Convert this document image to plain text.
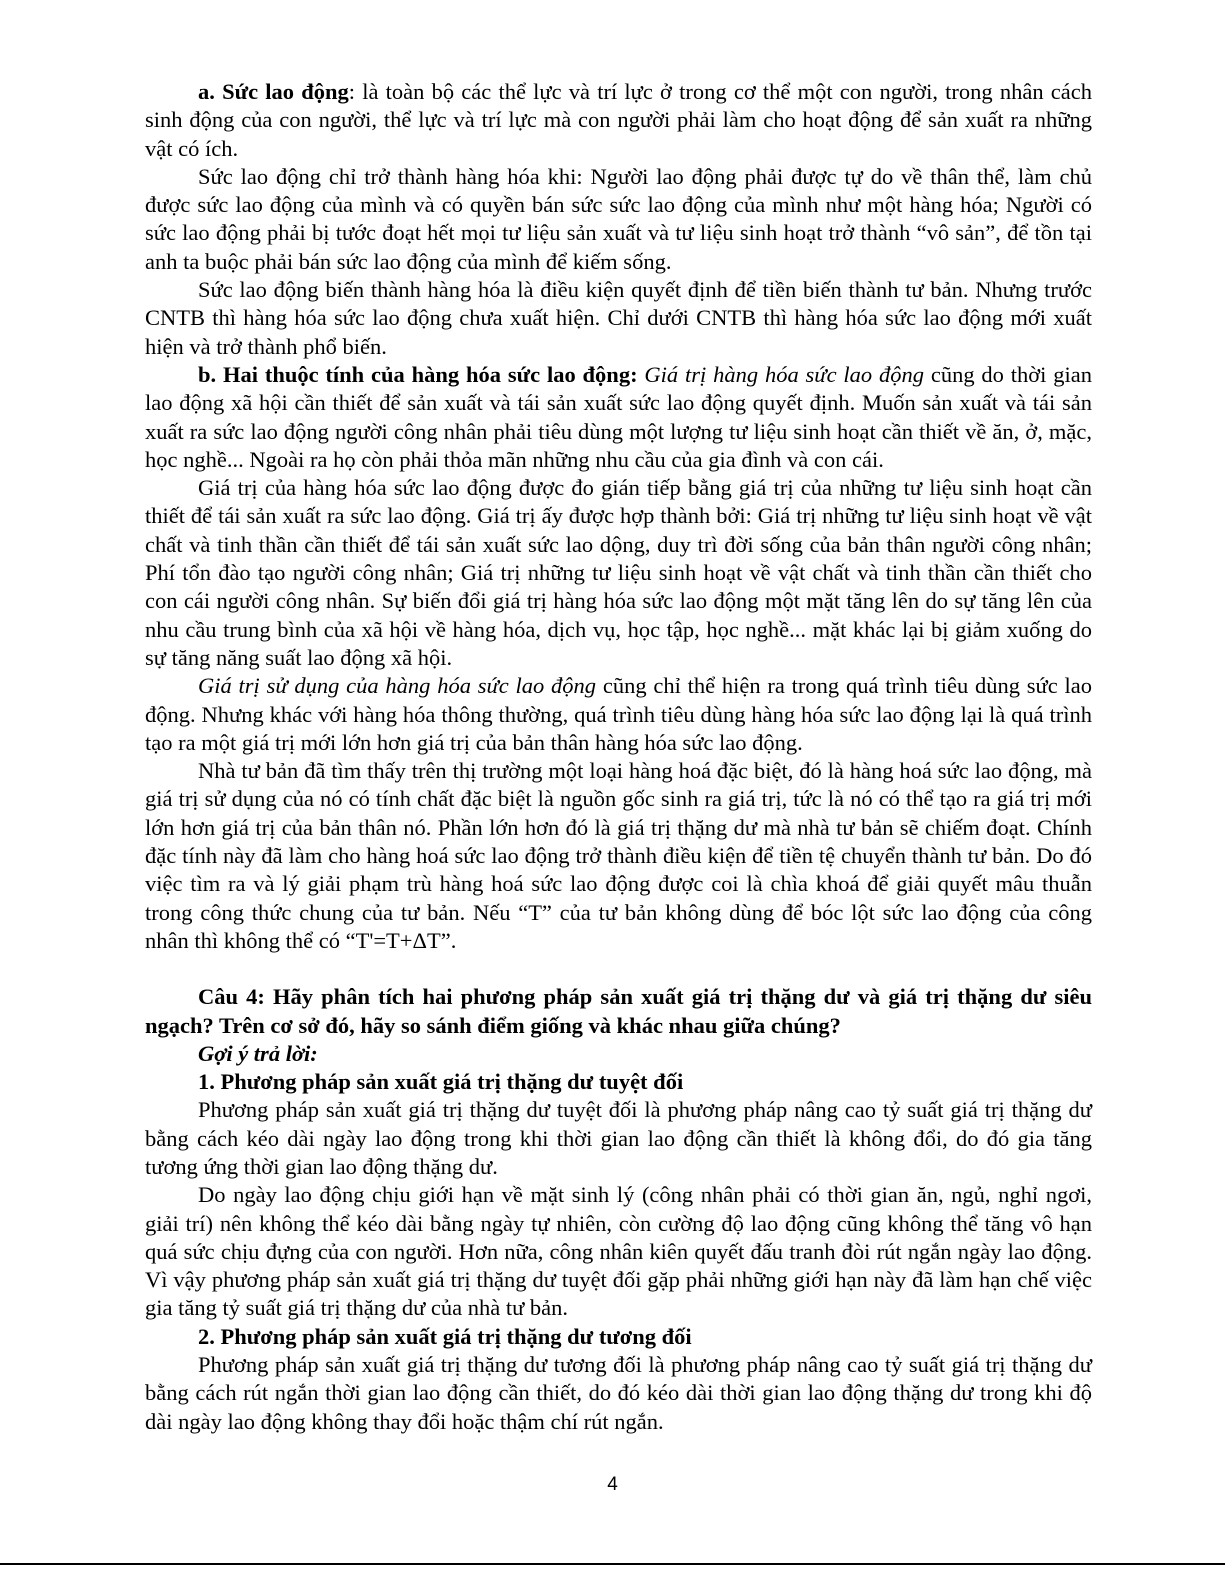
a. Sức lao động: là toàn bộ các thể lực và trí lực ở trong cơ thể một con người, trong nhân cách sinh động của con người, thể lực và trí lực mà con người phải làm cho hoạt động để sản xuất ra những vật có ích.

Sức lao động chỉ trở thành hàng hóa khi: Người lao động phải được tự do về thân thể, làm chủ được sức lao động của mình và có quyền bán sức sức lao động của mình như một hàng hóa; Người có sức lao động phải bị tước đoạt hết mọi tư liệu sản xuất và tư liệu sinh hoạt trở thành “vô sản”, để tồn tại anh ta buộc phải bán sức lao động của mình để kiếm sống.

Sức lao động biến thành hàng hóa là điều kiện quyết định để tiền biến thành tư bản. Nhưng trước CNTB thì hàng hóa sức lao động chưa xuất hiện. Chỉ dưới CNTB thì hàng hóa sức lao động mới xuất hiện và trở thành phổ biến.

b. Hai thuộc tính của hàng hóa sức lao động: Giá trị hàng hóa sức lao động cũng do thời gian lao động xã hội cần thiết để sản xuất và tái sản xuất sức lao động quyết định. Muốn sản xuất và tái sản xuất ra sức lao động người công nhân phải tiêu dùng một lượng tư liệu sinh hoạt cần thiết về ăn, ở, mặc, học nghề... Ngoài ra họ còn phải thỏa mãn những nhu cầu của gia đình và con cái.

Giá trị của hàng hóa sức lao động được đo gián tiếp bằng giá trị của những tư liệu sinh hoạt cần thiết để tái sản xuất ra sức lao động. Giá trị ấy được hợp thành bởi: Giá trị những tư liệu sinh hoạt về vật chất và tinh thần cần thiết để tái sản xuất sức lao dộng, duy trì đời sống của bản thân người công nhân; Phí tổn đào tạo người công nhân; Giá trị những tư liệu sinh hoạt về vật chất và tinh thần cần thiết cho con cái người công nhân. Sự biến đổi giá trị hàng hóa sức lao động một mặt tăng lên do sự tăng lên của nhu cầu trung bình của xã hội về hàng hóa, dịch vụ, học tập, học nghề... mặt khác lại bị giảm xuống do sự tăng năng suất lao động xã hội.

Giá trị sử dụng của hàng hóa sức lao động cũng chỉ thể hiện ra trong quá trình tiêu dùng sức lao động. Nhưng khác với hàng hóa thông thường, quá trình tiêu dùng hàng hóa sức lao động lại là quá trình tạo ra một giá trị mới lớn hơn giá trị của bản thân hàng hóa sức lao động.

Nhà tư bản đã tìm thấy trên thị trường một loại hàng hoá đặc biệt, đó là hàng hoá sức lao động, mà giá trị sử dụng của nó có tính chất đặc biệt là nguồn gốc sinh ra giá trị, tức là nó có thể tạo ra giá trị mới lớn hơn giá trị của bản thân nó. Phần lớn hơn đó là giá trị thặng dư mà nhà tư bản sẽ chiếm đoạt. Chính đặc tính này đã làm cho hàng hoá sức lao động trở thành điều kiện để tiền tệ chuyển thành tư bản. Do đó việc tìm ra và lý giải phạm trù hàng hoá sức lao động được coi là chìa khoá để giải quyết mâu thuẫn trong công thức chung của tư bản. Nếu “T” của tư bản không dùng để bóc lột sức lao động của công nhân thì không thể có “T'=T+ΔT”.

Câu 4: Hãy phân tích hai phương pháp sản xuất giá trị thặng dư và giá trị thặng dư siêu ngạch? Trên cơ sở đó, hãy so sánh điểm giống và khác nhau giữa chúng?

Gợi ý trả lời:

1. Phương pháp sản xuất giá trị thặng dư tuyệt đối

Phương pháp sản xuất giá trị thặng dư tuyệt đối là phương pháp nâng cao tỷ suất giá trị thặng dư bằng cách kéo dài ngày lao động trong khi thời gian lao động cần thiết là không đổi, do đó gia tăng tương ứng thời gian lao động thặng dư.

Do ngày lao động chịu giới hạn về mặt sinh lý (công nhân phải có thời gian ăn, ngủ, nghỉ ngơi, giải trí) nên không thể kéo dài bằng ngày tự nhiên, còn cường độ lao động cũng không thể tăng vô hạn quá sức chịu đựng của con người. Hơn nữa, công nhân kiên quyết đấu tranh đòi rút ngắn ngày lao động. Vì vậy phương pháp sản xuất giá trị thặng dư tuyệt đối gặp phải những giới hạn này đã làm hạn chế việc gia tăng tỷ suất giá trị thặng dư của nhà tư bản.

2. Phương pháp sản xuất giá trị thặng dư tương đối

Phương pháp sản xuất giá trị thặng dư tương đối là phương pháp nâng cao tỷ suất giá trị thặng dư bằng cách rút ngắn thời gian lao động cần thiết, do đó kéo dài thời gian lao động thặng dư trong khi độ dài ngày lao động không thay đổi hoặc thậm chí rút ngắn.

4
